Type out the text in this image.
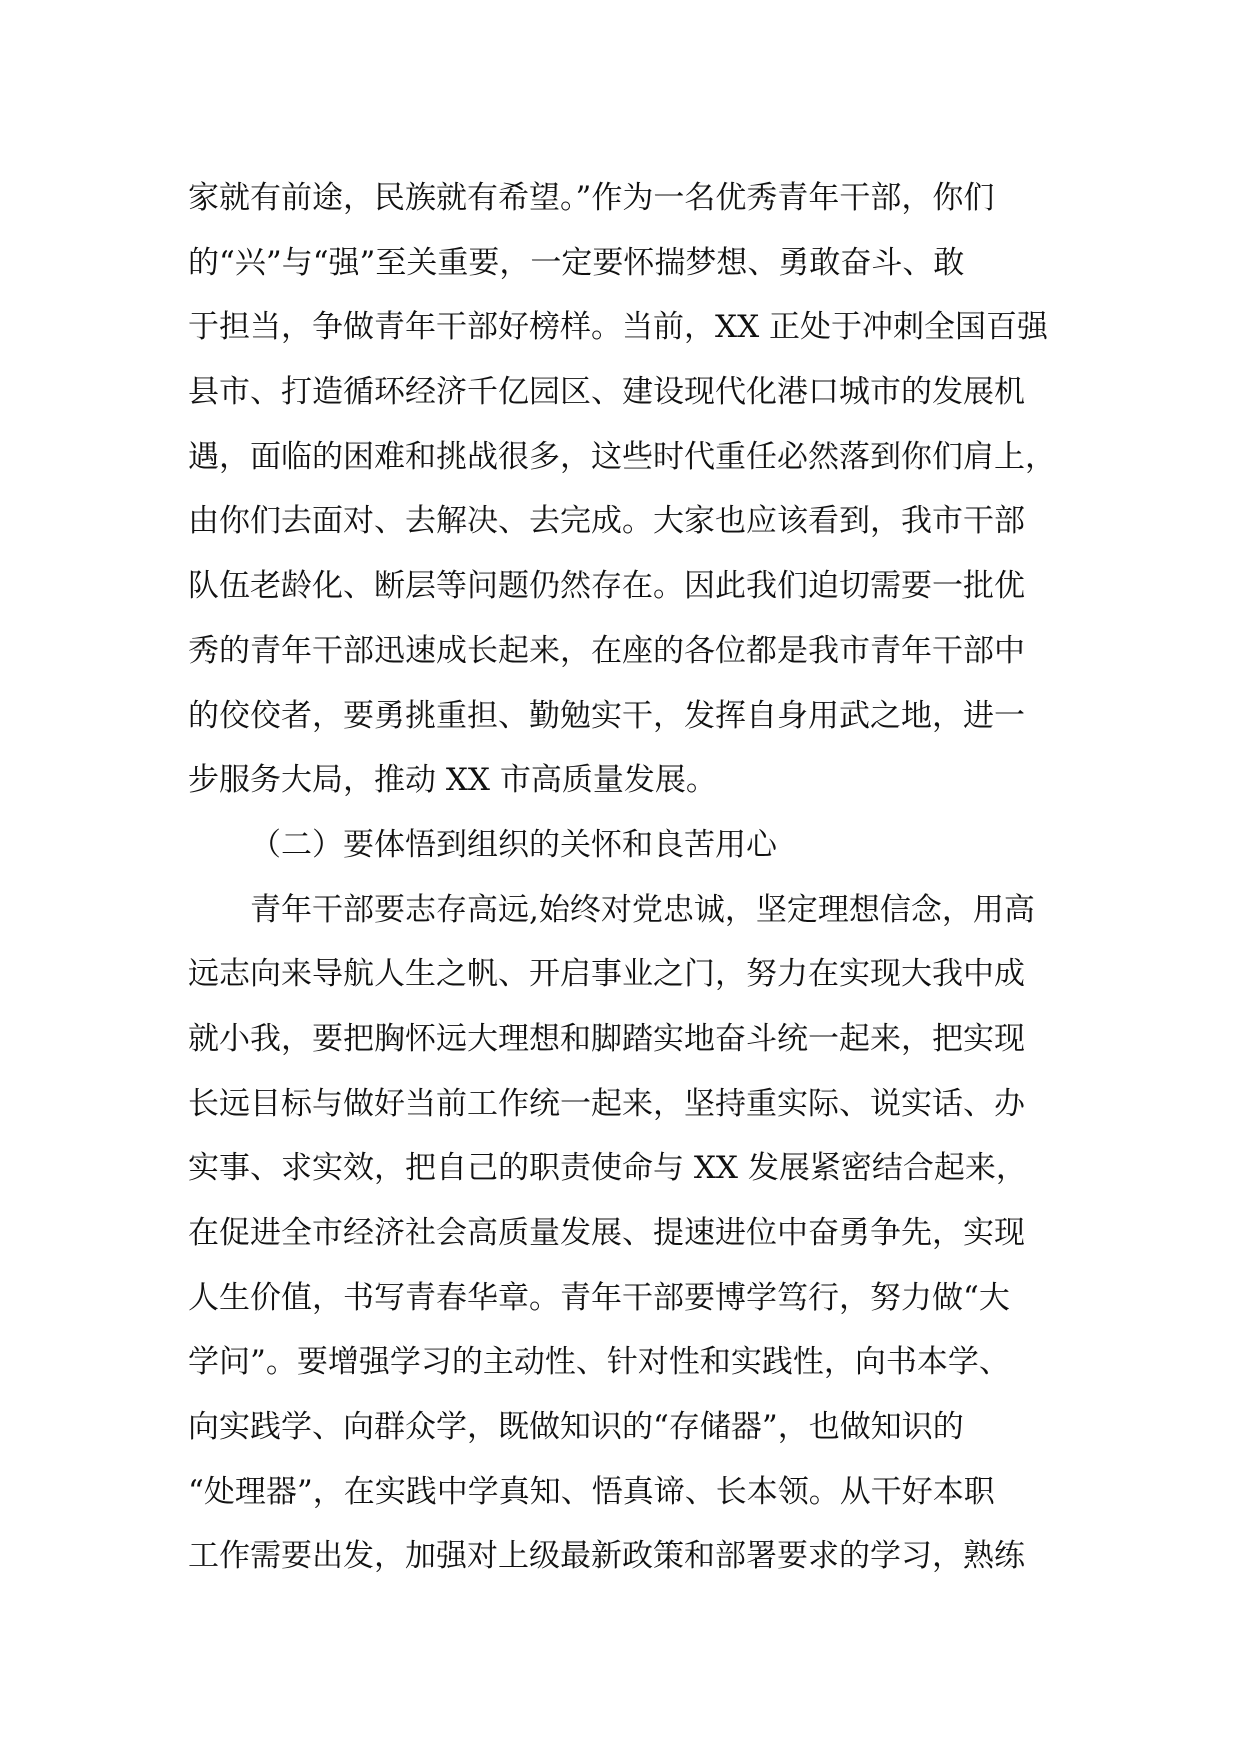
家就有前途，民族就有希望。”作为一名优秀青年干部，你们
的“兴”与“强”至关重要，一定要怀揣梦想、勇敢奋斗、敢
于担当，争做青年干部好榜样。当前，XX 正处于冲刺全国百强
县市、打造循环经济千亿园区、建设现代化港口城市的发展机
遇，面临的困难和挑战很多，这些时代重任必然落到你们肩上，
由你们去面对、去解决、去完成。大家也应该看到，我市干部
队伍老龄化、断层等问题仍然存在。因此我们迫切需要一批优
秀的青年干部迅速成长起来，在座的各位都是我市青年干部中
的佼佼者，要勇挑重担、勤勉实干，发挥自身用武之地，进一
步服务大局，推动 XX 市高质量发展。
（二）要体悟到组织的关怀和良苦用心
青年干部要志存高远,始终对党忠诚，坚定理想信念，用高
远志向来导航人生之帆、开启事业之门，努力在实现大我中成
就小我，要把胸怀远大理想和脚踏实地奋斗统一起来，把实现
长远目标与做好当前工作统一起来，坚持重实际、说实话、办
实事、求实效，把自己的职责使命与 XX 发展紧密结合起来，
在促进全市经济社会高质量发展、提速进位中奋勇争先，实现
人生价值，书写青春华章。青年干部要博学笃行，努力做“大
学问”。要增强学习的主动性、针对性和实践性，向书本学、
向实践学、向群众学，既做知识的“存储器”，也做知识的
“处理器”，在实践中学真知、悟真谛、长本领。从干好本职
工作需要出发，加强对上级最新政策和部署要求的学习，熟练
